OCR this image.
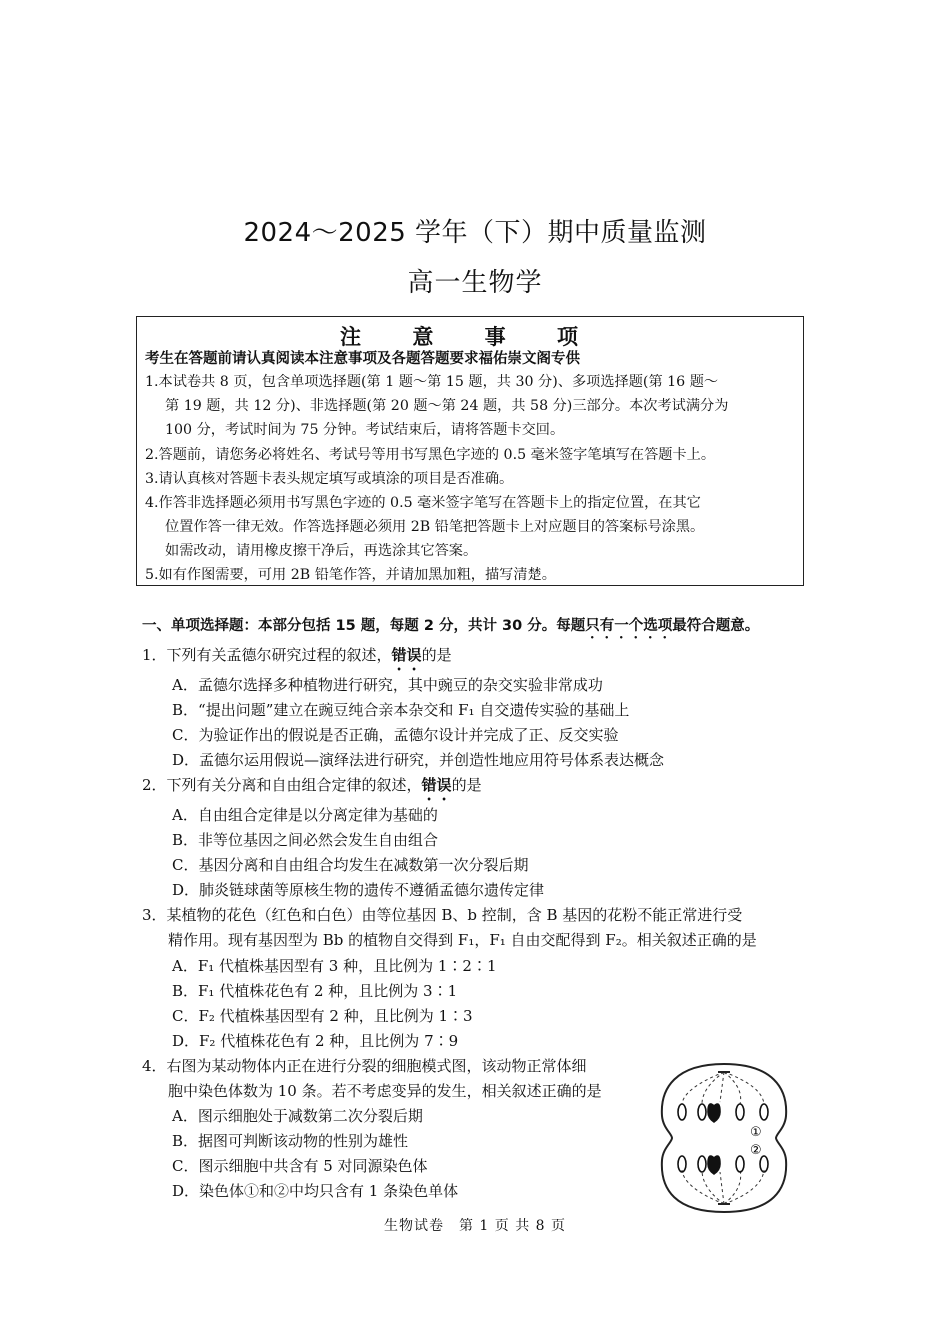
2024～2025 学年（下）期中质量监测
高一生物学
注 意 事 项
考生在答题前请认真阅读本注意事项及各题答题要求福佑崇文阁专供
1.本试卷共 8 页，包含单项选择题(第 1 题～第 15 题，共 30 分)、多项选择题(第 16 题～
第 19 题，共 12 分)、非选择题(第 20 题～第 24 题，共 58 分)三部分。本次考试满分为
100 分，考试时间为 75 分钟。考试结束后，请将答题卡交回。
2.答题前，请您务必将姓名、考试号等用书写黑色字迹的 0.5 毫米签字笔填写在答题卡上。
3.请认真核对答题卡表头规定填写或填涂的项目是否准确。
4.作答非选择题必须用书写黑色字迹的 0.5 毫米签字笔写在答题卡上的指定位置，在其它
位置作答一律无效。作答选择题必须用 2B 铅笔把答题卡上对应题目的答案标号涂黑。
如需改动，请用橡皮擦干净后，再选涂其它答案。
5.如有作图需要，可用 2B 铅笔作答，并请加黑加粗，描写清楚。
一、单项选择题：本部分包括 15 题，每题 2 分，共计 30 分。每题只有一个选项最符合题意。
1．下列有关孟德尔研究过程的叙述，错误的是
A．孟德尔选择多种植物进行研究，其中豌豆的杂交实验非常成功
B．“提出问题”建立在豌豆纯合亲本杂交和 F₁ 自交遗传实验的基础上
C．为验证作出的假说是否正确，孟德尔设计并完成了正、反交实验
D．孟德尔运用假说—演绎法进行研究，并创造性地应用符号体系表达概念
2．下列有关分离和自由组合定律的叙述，错误的是
A．自由组合定律是以分离定律为基础的
B．非等位基因之间必然会发生自由组合
C．基因分离和自由组合均发生在减数第一次分裂后期
D．肺炎链球菌等原核生物的遗传不遵循孟德尔遗传定律
3．某植物的花色（红色和白色）由等位基因 B、b 控制，含 B 基因的花粉不能正常进行受
精作用。现有基因型为 Bb 的植物自交得到 F₁，F₁ 自由交配得到 F₂。相关叙述正确的是
A．F₁ 代植株基因型有 3 种，且比例为 1∶2∶1
B．F₁ 代植株花色有 2 种，且比例为 3∶1
C．F₂ 代植株基因型有 2 种，且比例为 1∶3
D．F₂ 代植株花色有 2 种，且比例为 7∶9
4．右图为某动物体内正在进行分裂的细胞模式图，该动物正常体细
胞中染色体数为 10 条。若不考虑变异的发生，相关叙述正确的是
A．图示细胞处于减数第二次分裂后期
B．据图可判断该动物的性别为雄性
C．图示细胞中共含有 5 对同源染色体
D．染色体①和②中均只含有 1 条染色单体
①
②
生物试卷　第 1 页 共 8 页
